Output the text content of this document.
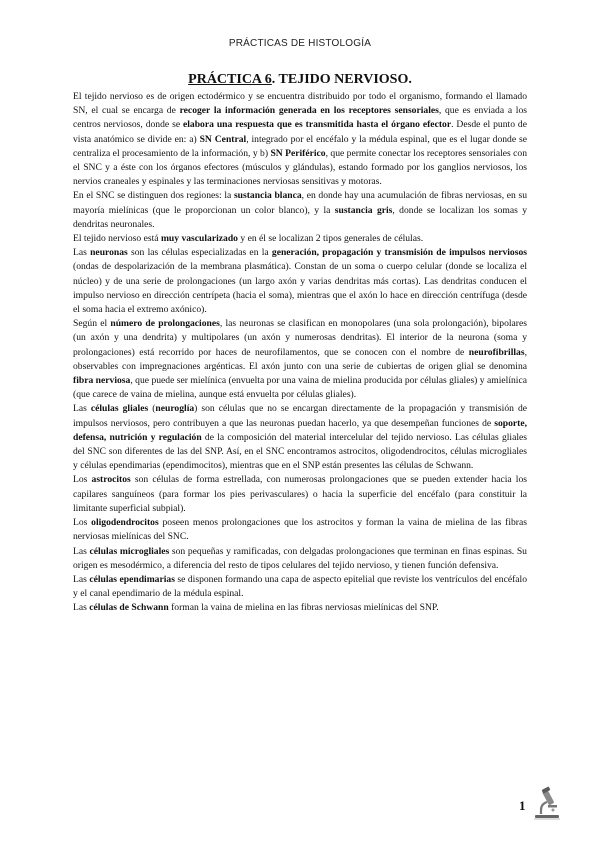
PRÁCTICAS DE HISTOLOGÍA
PRÁCTICA 6. TEJIDO NERVIOSO.

El tejido nervioso es de origen ectodérmico y se encuentra distribuido por todo el organismo, formando el llamado SN, el cual se encarga de recoger la información generada en los receptores sensoriales, que es enviada a los centros nerviosos, donde se elabora una respuesta que es transmitida hasta el órgano efector. Desde el punto de vista anatómico se divide en: a) SN Central, integrado por el encéfalo y la médula espinal, que es el lugar donde se centraliza el procesamiento de la información, y b) SN Periférico, que permite conectar los receptores sensoriales con el SNC y a éste con los órganos efectores (músculos y glándulas), estando formado por los ganglios nerviosos, los nervios craneales y espinales y las terminaciones nerviosas sensitivas y motoras.

En el SNC se distinguen dos regiones: la sustancia blanca, en donde hay una acumulación de fibras nerviosas, en su mayoría mielínicas (que le proporcionan un color blanco), y la sustancia gris, donde se localizan los somas y dendritas neuronales.

El tejido nervioso está muy vascularizado y en él se localizan 2 tipos generales de células.

Las neuronas son las células especializadas en la generación, propagación y transmisión de impulsos nerviosos (ondas de despolarización de la membrana plasmática). Constan de un soma o cuerpo celular (donde se localiza el núcleo) y de una serie de prolongaciones (un largo axón y varias dendritas más cortas). Las dendritas conducen el impulso nervioso en dirección centrípeta (hacia el soma), mientras que el axón lo hace en dirección centrífuga (desde el soma hacia el extremo axónico).

Según el número de prolongaciones, las neuronas se clasifican en monopolares (una sola prolongación), bipolares (un axón y una dendrita) y multipolares (un axón y numerosas dendritas). El interior de la neurona (soma y prolongaciones) está recorrido por haces de neurofilamentos, que se conocen con el nombre de neurofibrillas, observables con impregnaciones argénticas. El axón junto con una serie de cubiertas de origen glial se denomina fibra nerviosa, que puede ser mielínica (envuelta por una vaina de mielina producida por células gliales) y amielínica (que carece de vaina de mielina, aunque está envuelta por células gliales).

Las células gliales (neuroglía) son células que no se encargan directamente de la propagación y transmisión de impulsos nerviosos, pero contribuyen a que las neuronas puedan hacerlo, ya que desempeñan funciones de soporte, defensa, nutrición y regulación de la composición del material intercelular del tejido nervioso. Las células gliales del SNC son diferentes de las del SNP. Así, en el SNC encontramos astrocitos, oligodendrocitos, células microgliales y células ependimarias (ependimocitos), mientras que en el SNP están presentes las células de Schwann.

Los astrocitos son células de forma estrellada, con numerosas prolongaciones que se pueden extender hacia los capilares sanguíneos (para formar los pies perivasculares) o hacia la superficie del encéfalo (para constituir la limitante superficial subpial).

Los oligodendrocitos poseen menos prolongaciones que los astrocitos y forman la vaina de mielina de las fibras nerviosas mielínicas del SNC.

Las células microgliales son pequeñas y ramificadas, con delgadas prolongaciones que terminan en finas espinas. Su origen es mesodérmico, a diferencia del resto de tipos celulares del tejido nervioso, y tienen función defensiva.

Las células ependimarias se disponen formando una capa de aspecto epitelial que reviste los ventrículos del encéfalo y el canal ependimario de la médula espinal.

Las células de Schwann forman la vaina de mielina en las fibras nerviosas mielínicas del SNP.

1
